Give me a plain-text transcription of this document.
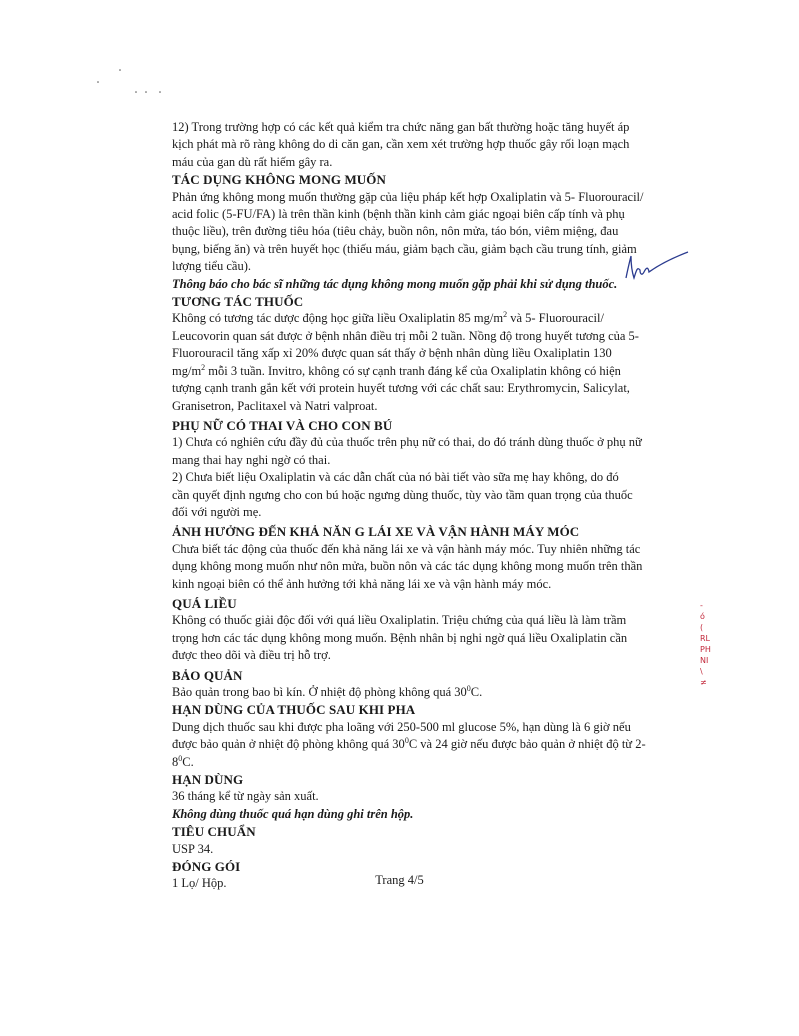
12) Trong trường hợp có các kết quả kiểm tra chức năng gan bất thường hoặc tăng huyết áp

kịch phát mà rõ ràng không do di căn gan, cần xem xét trường hợp thuốc gây rối loạn mạch

máu của gan dù rất hiếm gây ra.

TÁC DỤNG KHÔNG MONG MUỐN

Phản ứng không mong muốn thường gặp của liệu pháp kết hợp Oxaliplatin và 5- Fluorouracil/

acid folic (5-FU/FA) là trên thần kinh (bệnh thần kinh cảm giác ngoại biên cấp tính và phụ

thuộc liều), trên đường tiêu hóa (tiêu chảy, buồn nôn, nôn mửa, táo bón, viêm miệng, đau

bụng, biếng ăn) và trên huyết học (thiếu máu, giảm bạch cầu, giảm bạch cầu trung tính, giảm

lượng tiểu cầu).

Thông báo cho bác sĩ những tác dụng không mong muốn gặp phải khi sử dụng thuốc.

TƯƠNG TÁC THUỐC

Không có tương tác dược động học giữa liều Oxaliplatin 85 $mg/m^2$ và 5- Fluorouracil/

Leucovorin quan sát được ở bệnh nhân điều trị mỗi 2 tuần. Nồng độ trong huyết tương của 5-

Fluorouracil tăng xấp xỉ 20% được quan sát thấy ở bệnh nhân dùng liều Oxaliplatin 130

$mg/m^2$ mỗi 3 tuần. Invitro, không có sự cạnh tranh đáng kể của Oxaliplatin không có hiện

tượng cạnh tranh gắn kết với protein huyết tương với các chất sau: Erythromycin, Salicylat,

Granisetron, Paclitaxel và Natri valproat.

PHỤ NỮ CÓ THAI VÀ CHO CON BÚ

1) Chưa có nghiên cứu đầy đủ của thuốc trên phụ nữ có thai, do đó tránh dùng thuốc ở phụ nữ

mang thai hay nghi ngờ có thai.

2) Chưa biết liệu Oxaliplatin và các dẫn chất của nó bài tiết vào sữa mẹ hay không, do đó

cần quyết định ngưng cho con bú hoặc ngưng dùng thuốc, tùy vào tầm quan trọng của thuốc

đối với người mẹ.

ẢNH HƯỞNG ĐẾN KHẢ NĂN G LÁI XE VÀ VẬN HÀNH MÁY MÓC

Chưa biết tác động của thuốc đến khả năng lái xe và vận hành máy móc. Tuy nhiên những tác

dụng không mong muốn như nôn mửa, buồn nôn và các tác dụng không mong muốn trên thần

kinh ngoại biên có thể ảnh hưởng tới khả năng lái xe và vận hành máy móc.

QUÁ LIỀU

Không có thuốc giải độc đối với quá liều Oxaliplatin. Triệu chứng của quá liều là làm trầm

trọng hơn các tác dụng không mong muốn. Bệnh nhân bị nghi ngờ quá liều Oxaliplatin cần

được theo dõi và điều trị hỗ trợ.

BẢO QUẢN

Bảo quản trong bao bì kín. Ở nhiệt độ phòng không quá $30^0C$.

HẠN DÙNG CỦA THUỐC SAU KHI PHA

Dung dịch thuốc sau khi được pha loãng với 250-500 ml glucose 5%, hạn dùng là 6 giờ nếu

được bảo quản ở nhiệt độ phòng không quá $30^0C$ và 24 giờ nếu được bảo quản ở nhiệt độ từ 2-

$8^0C$.

HẠN DÙNG

36 tháng kể từ ngày sản xuất.

Không dùng thuốc quá hạn dùng ghi trên hộp.

TIÊU CHUẨN

USP 34.

ĐÓNG GÓI

1 Lọ/ Hộp.

-
ó
(
RL
PH
NI
\
≠
Trang 4/5
